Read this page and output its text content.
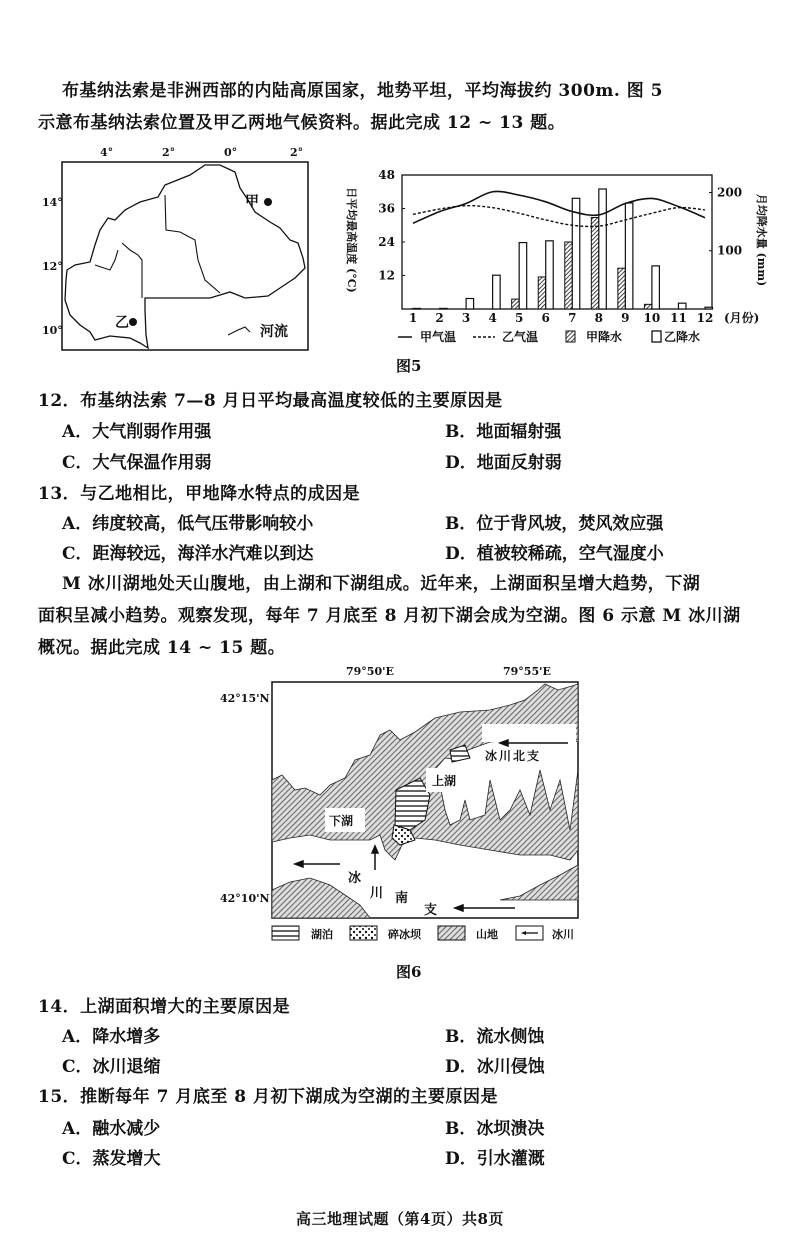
布基纳法索是非洲西部的内陆高原国家，地势平坦，平均海拔约 300m. 图 5
示意布基纳法索位置及甲乙两地气候资料。据此完成 12 ~ 13 题。
4°	2°	0°	2°
14°
12°
10°
甲
乙
河流
1 2 3 4 5 6 7 8 9 10 11 12
12
24
36
48
100
200
日平均最高温度 (°C)	月均降水量 (mm)
(月份)
甲气温	乙气温	甲降水	乙降水
图5
12．布基纳法索 7—8 月日平均最高温度较低的主要原因是
A．大气削弱作用强	B．地面辐射强
C．大气保温作用弱	D．地面反射弱
13．与乙地相比，甲地降水特点的成因是
A．纬度较高，低气压带影响较小	B．位于背风坡，焚风效应强
C．距海较远，海洋水汽难以到达	D．植被较稀疏，空气湿度小
M 冰川湖地处天山腹地，由上湖和下湖组成。近年来，上湖面积呈增大趋势，下湖
面积呈减小趋势。观察发现，每年 7 月底至 8 月初下湖会成为空湖。图 6 示意 M 冰川湖
概况。据此完成 14 ~ 15 题。
79°50'E	79°55'E
42°15'N
42°10'N
上湖
下湖
冰川北支
冰
川 南
支
湖泊	碎冰坝	山地	冰川
图6
14．上湖面积增大的主要原因是
A．降水增多	B．流水侧蚀
C．冰川退缩	D．冰川侵蚀
15．推断每年 7 月底至 8 月初下湖成为空湖的主要原因是
A．融水减少	B．冰坝溃决
C．蒸发增大	D．引水灌溉
高三地理试题（第4页）共8页
